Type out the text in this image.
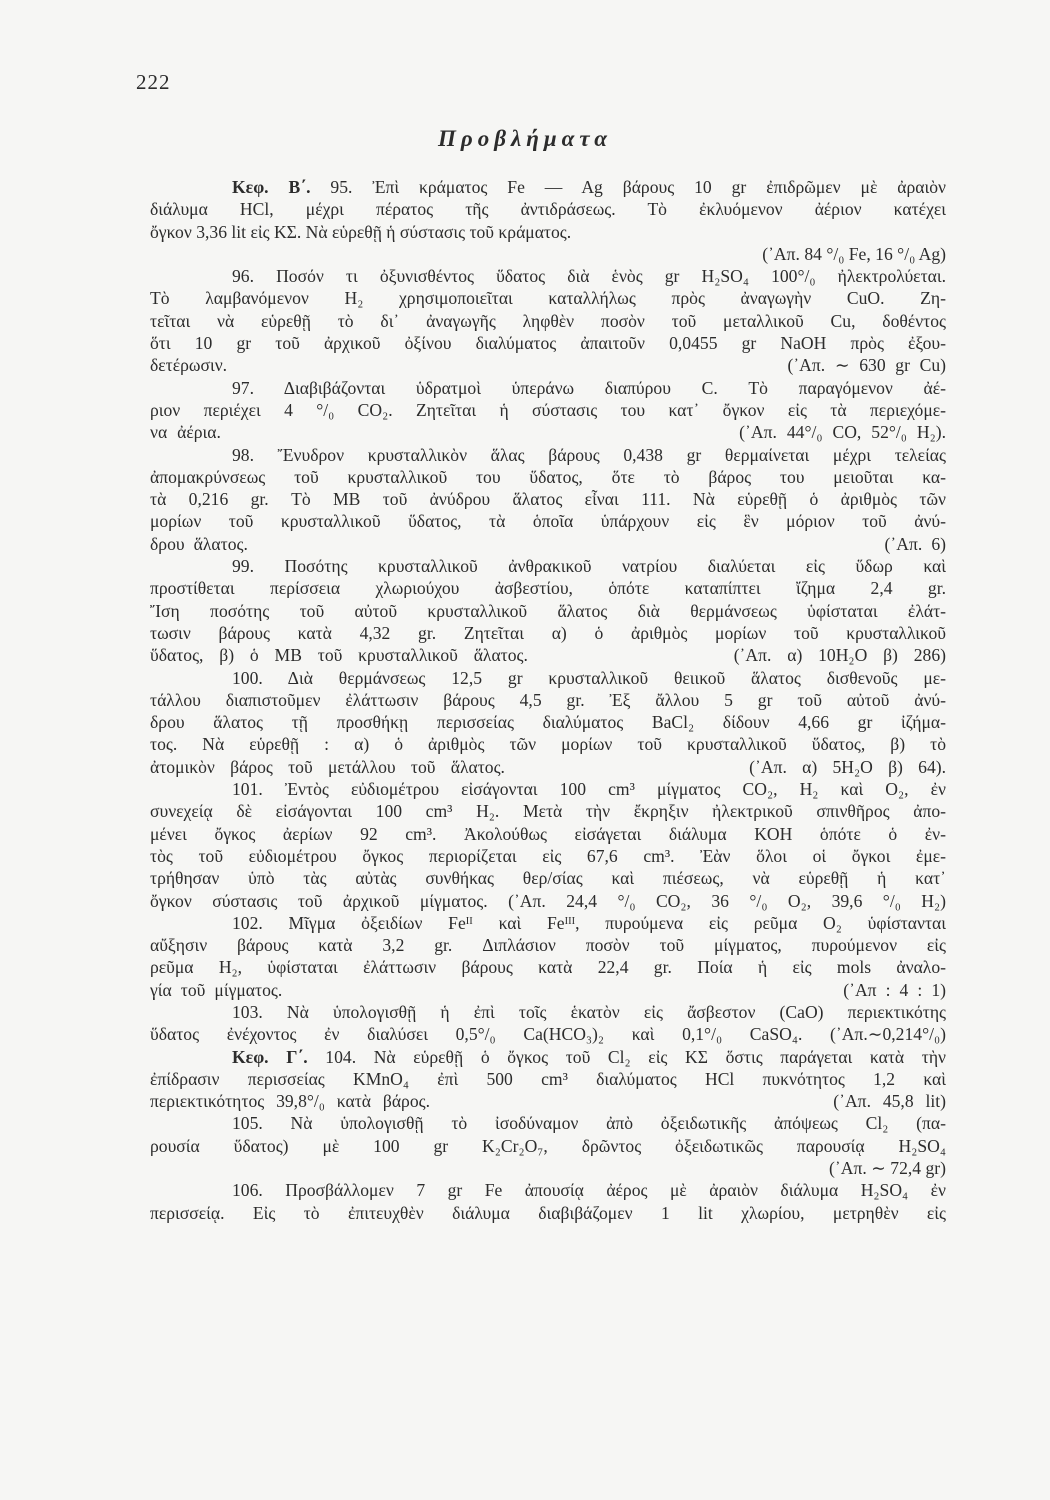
222
Προβλήματα
Κεφ. Β΄. 95. Ἐπὶ κράματος Fe — Ag βάρους 10 gr ἐπιδρῶμεν μὲ ἀραιὸν
διάλυμα HCl, μέχρι πέρατος τῆς ἀντιδράσεως. Τὸ ἐκλυόμενον ἀέριον κατέχει
ὄγκον 3,36 lit εἰς ΚΣ. Νὰ εὑρεθῇ ἡ σύστασις τοῦ κράματος.
(᾿Απ. 84 °/₀ Fe, 16 °/₀ Ag)
96. Ποσόν τι ὀξυνισθέντος ὕδατος διὰ ἑνὸς gr H₂SO₄ 100°/₀ ἠλεκτρολύεται.
Τὸ λαμβανόμενον H₂ χρησιμοποιεῖται καταλλήλως πρὸς ἀναγωγὴν CuO. Ζη-
τεῖται νὰ εὑρεθῇ τὸ δι᾿ ἀναγωγῆς ληφθὲν ποσὸν τοῦ μεταλλικοῦ Cu, δοθέντος
ὅτι 10 gr τοῦ ἀρχικοῦ ὀξίνου διαλύματος ἀπαιτοῦν 0,0455 gr NaOH πρὸς ἐξου-
δετέρωσιν.                                                          (᾿Απ. ∼ 630 gr Cu)
97. Διαβιβάζονται ὑδρατμοὶ ὑπεράνω διαπύρου C. Τὸ παραγόμενον ἀέ-
ριον περιέχει 4 °/₀ CO₂. Ζητεῖται ἡ σύστασις του κατ᾿ ὄγκον εἰς τὰ περιεχόμε-
να ἀέρια.                                                    (᾿Απ. 44°/₀ CO, 52°/₀ H₂).
98. Ἔνυδρον κρυσταλλικὸν ἅλας βάρους 0,438 gr θερμαίνεται μέχρι τελείας
ἀπομακρύνσεως τοῦ κρυσταλλικοῦ του ὕδατος, ὅτε τὸ βάρος του μειοῦται κα-
τὰ 0,216 gr. Τὸ ΜΒ τοῦ ἀνύδρου ἅλατος εἶναι 111. Νὰ εὑρεθῇ ὁ ἀριθμὸς τῶν
μορίων τοῦ κρυσταλλικοῦ ὕδατος, τὰ ὁποῖα ὑπάρχουν εἰς ἓν μόριον τοῦ ἀνύ-
δρου ἅλατος.                                                                      (᾿Απ. 6)
99. Ποσότης κρυσταλλικοῦ ἀνθρακικοῦ νατρίου διαλύεται εἰς ὕδωρ καὶ
προστίθεται περίσσεια χλωριούχου ἀσβεστίου, ὁπότε καταπίπτει ἴζημα 2,4 gr.
Ἴση ποσότης τοῦ αὐτοῦ κρυσταλλικοῦ ἅλατος διὰ θερμάνσεως ὑφίσταται ἐλάτ-
τωσιν βάρους κατὰ 4,32 gr. Ζητεῖται α) ὁ ἀριθμὸς μορίων τοῦ κρυσταλλικοῦ
ὕδατος, β) ὁ ΜΒ τοῦ κρυσταλλικοῦ ἅλατος.             (᾿Απ. α) 10H₂O β) 286)
100. Διὰ θερμάνσεως 12,5 gr κρυσταλλικοῦ θειικοῦ ἅλατος δισθενοῦς με-
τάλλου διαπιστοῦμεν ἐλάττωσιν βάρους 4,5 gr. Ἐξ ἄλλου 5 gr τοῦ αὐτοῦ ἀνύ-
δρου ἅλατος τῇ προσθήκῃ περισσείας διαλύματος BaCl₂ δίδουν 4,66 gr ἰζήμα-
τος. Νὰ εὑρεθῇ : α) ὁ ἀριθμὸς τῶν μορίων τοῦ κρυσταλλικοῦ ὕδατος, β) τὸ
ἀτομικὸν βάρος τοῦ μετάλλου τοῦ ἅλατος.                (᾿Απ. α) 5H₂O β) 64).
101. Ἐντὸς εὐδιομέτρου εἰσάγονται 100 cm³ μίγματος CO₂, H₂ καὶ O₂, ἐν
συνεχείᾳ δὲ εἰσάγονται 100 cm³ H₂. Μετὰ τὴν ἔκρηξιν ἠλεκτρικοῦ σπινθῆρος ἀπο-
μένει ὄγκος ἀερίων 92 cm³. Ἀκολούθως εἰσάγεται διάλυμα KOH ὁπότε ὁ ἐν-
τὸς τοῦ εὐδιομέτρου ὄγκος περιορίζεται εἰς 67,6 cm³. Ἐὰν ὅλοι οἱ ὄγκοι ἐμε-
τρήθησαν ὑπὸ τὰς αὐτὰς συνθήκας θερ/σίας καὶ πιέσεως, νὰ εὑρεθῇ ἡ κατ᾿
ὄγκον σύστασις τοῦ ἀρχικοῦ μίγματος. (᾿Απ. 24,4 °/₀ CO₂, 36 °/₀ O₂, 39,6 °/₀ H₂)
102. Μῖγμα ὀξειδίων Feᴵᴵ καὶ Feᴵᴵᴵ, πυρούμενα εἰς ρεῦμα O₂ ὑφίστανται
αὔξησιν βάρους κατὰ 3,2 gr. Διπλάσιον ποσὸν τοῦ μίγματος, πυρούμενον εἰς
ρεῦμα H₂, ὑφίσταται ἐλάττωσιν βάρους κατὰ 22,4 gr. Ποία ἡ εἰς mols ἀναλο-
γία τοῦ μίγματος.                                                              (᾿Απ : 4 : 1)
103. Νὰ ὑπολογισθῇ ἡ ἐπὶ τοῖς ἑκατὸν εἰς ἄσβεστον (CaO) περιεκτικότης
ὕδατος ἐνέχοντος ἐν διαλύσει 0,5°/₀ Ca(HCO₃)₂ καὶ 0,1°/₀ CaSO₄. (᾿Απ.∼0,214°/₀)
Κεφ. Γ΄. 104. Νὰ εὑρεθῇ ὁ ὄγκος τοῦ Cl₂ εἰς ΚΣ ὅστις παράγεται κατὰ τὴν
ἐπίδρασιν περισσείας KMnO₄ ἐπὶ 500 cm³ διαλύματος HCl πυκνότητος 1,2 καὶ
περιεκτικότητος 39,8°/₀ κατὰ βάρος.                                  (᾿Απ. 45,8 lit)
105. Νὰ ὑπολογισθῇ τὸ ἰσοδύναμον ἀπὸ ὀξειδωτικῆς ἀπόψεως Cl₂ (πα-
ρουσία ὕδατος) μὲ 100 gr K₂Cr₂O₇, δρῶντος ὀξειδωτικῶς παρουσίᾳ H₂SO₄
(᾿Απ. ∼ 72,4 gr)
106. Προσβάλλομεν 7 gr Fe ἀπουσίᾳ ἀέρος μὲ ἀραιὸν διάλυμα H₂SO₄ ἐν
περισσείᾳ. Εἰς τὸ ἐπιτευχθὲν διάλυμα διαβιβάζομεν 1 lit χλωρίου, μετρηθὲν εἰς
